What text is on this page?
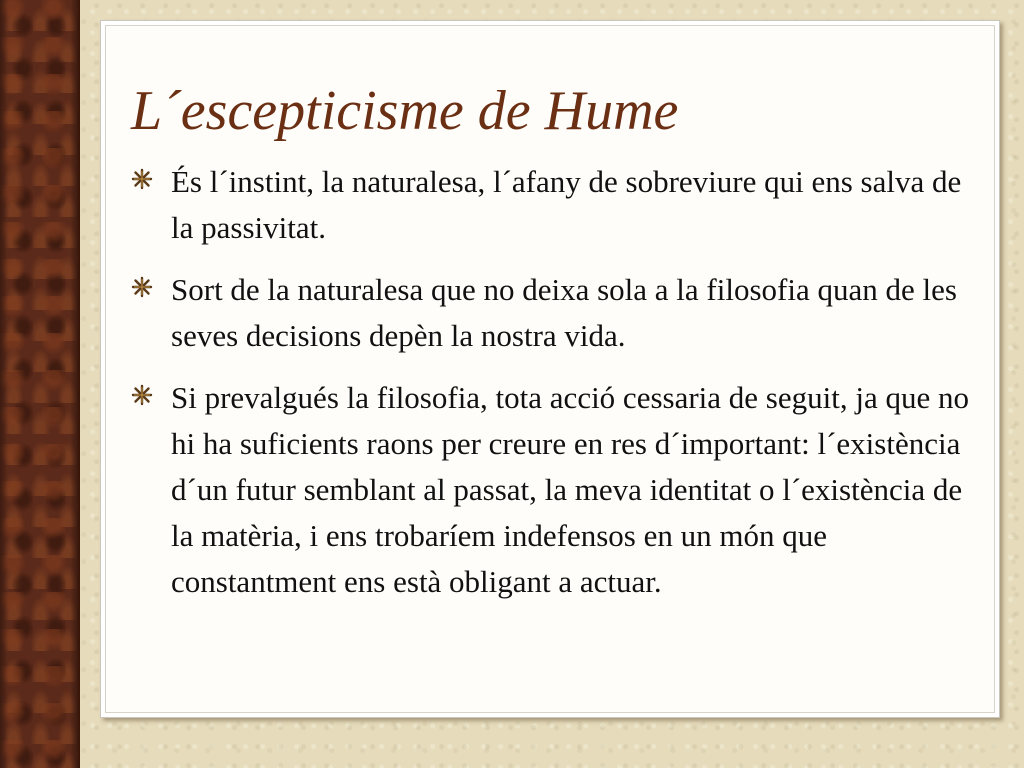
L´escepticisme de Hume
És l´instint, la naturalesa, l´afany de sobreviure qui ens salva de la passivitat.
Sort de la naturalesa que no deixa sola a la filosofia quan de les seves decisions depèn la nostra vida.
Si prevalgués la filosofia, tota acció cessaria de seguit, ja que no hi ha suficients raons per creure en res d´important: l´existència d´un futur semblant al passat, la meva identitat o l´existència de la matèria, i ens trobaríem indefensos en un món que constantment ens està obligant a actuar.
